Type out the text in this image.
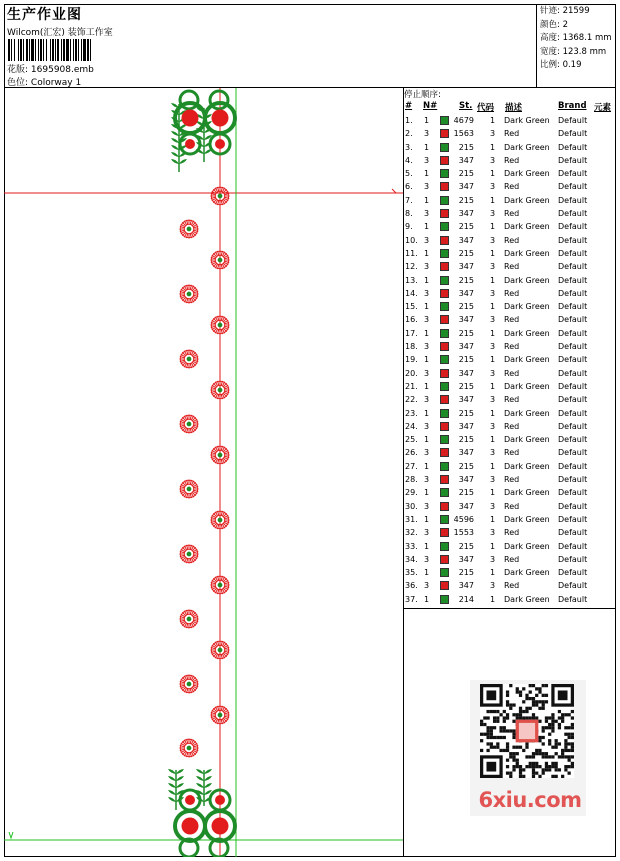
生产作业图
Wilcom(汇宏) 装饰工作室
花版: 1695908.emb
色位: Colorway 1
针迹: 21599
颜色: 2
高度: 1368.1 mm
宽度: 123.8 mm
比例: 0.19
停止顺序:
# N#	St. 代码 描述	Brand 元素
1. 1	4679 1 Dark Green Default
2. 3	1563 3 Red	Default
3. 1	215 1 Dark Green Default
4. 3	347 3 Red	Default
5. 1	215 1 Dark Green Default
6. 3	347 3 Red	Default
7. 1	215 1 Dark Green Default
8. 3	347 3 Red	Default
9. 1	215 1 Dark Green Default
10. 3	347 3 Red	Default
11. 1	215 1 Dark Green Default
12. 3	347 3 Red	Default
13. 1	215 1 Dark Green Default
14. 3	347 3 Red	Default
15. 1	215 1 Dark Green Default
16. 3	347 3 Red	Default
17. 1	215 1 Dark Green Default
18. 3	347 3 Red	Default
19. 1	215 1 Dark Green Default
20. 3	347 3 Red	Default
21. 1	215 1 Dark Green Default
22. 3	347 3 Red	Default
23. 1	215 1 Dark Green Default
24. 3	347 3 Red	Default
25. 1	215 1 Dark Green Default
26. 3	347 3 Red	Default
27. 1	215 1 Dark Green Default
28. 3	347 3 Red	Default
29. 1	215 1 Dark Green Default
30. 3	347 3 Red	Default
31. 1	4596 1 Dark Green Default
32. 3	1553 3 Red	Default
33. 1	215 1 Dark Green Default
34. 3	347 3 Red	Default
35. 1	215 1 Dark Green Default
36. 3	347 3 Red	Default
37. 1	214 1 Dark Green Default
6xiu.com
